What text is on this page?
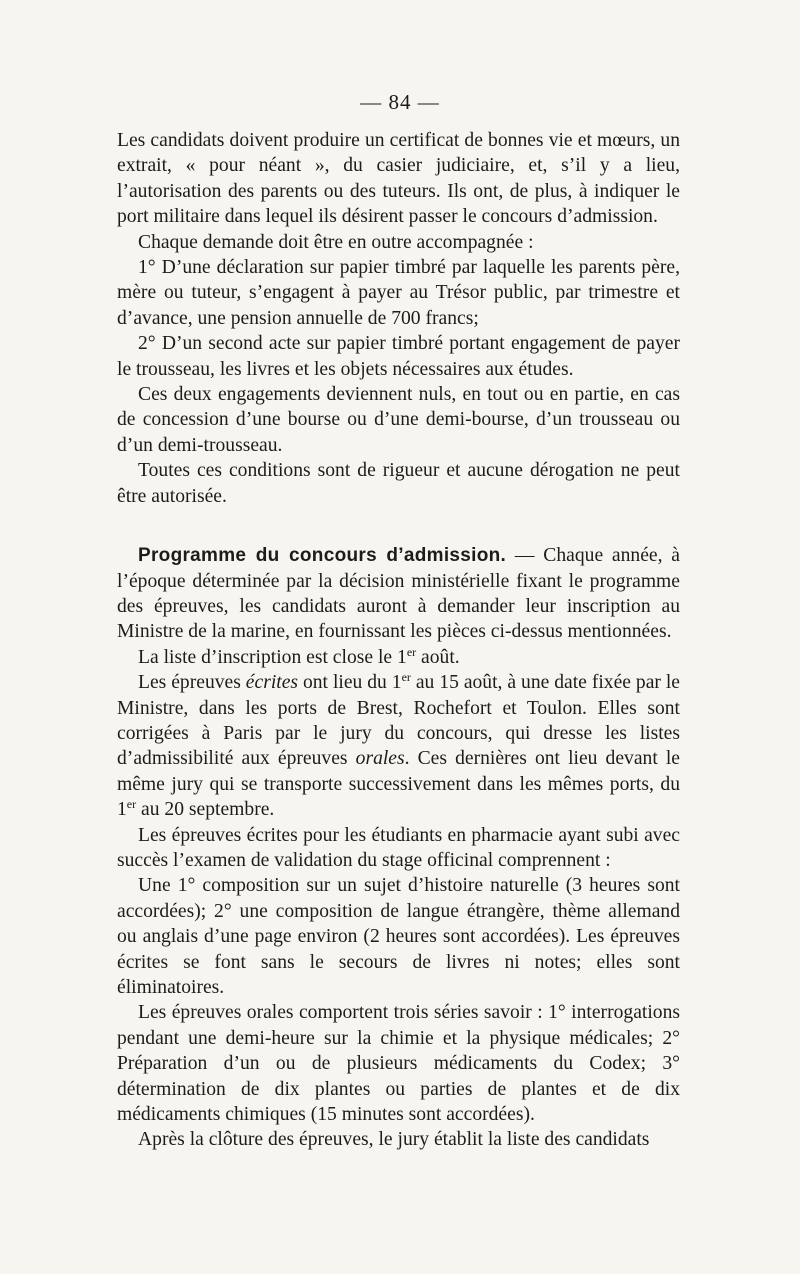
— 84 —

Les candidats doivent produire un certificat de bonnes vie et mœurs, un extrait, « pour néant », du casier judiciaire, et, s’il y a lieu, l’autorisation des parents ou des tuteurs. Ils ont, de plus, à indiquer le port militaire dans lequel ils désirent passer le concours d’admission.

Chaque demande doit être en outre accompagnée :

1° D’une déclaration sur papier timbré par laquelle les parents père, mère ou tuteur, s’engagent à payer au Trésor public, par trimestre et d’avance, une pension annuelle de 700 francs;

2° D’un second acte sur papier timbré portant engagement de payer le trousseau, les livres et les objets nécessaires aux études.

Ces deux engagements deviennent nuls, en tout ou en partie, en cas de concession d’une bourse ou d’une demi-bourse, d’un trousseau ou d’un demi-trousseau.

Toutes ces conditions sont de rigueur et aucune dérogation ne peut être autorisée.

Programme du concours d’admission. — Chaque année, à l’époque déterminée par la décision ministérielle fixant le programme des épreuves, les candidats auront à demander leur inscription au Ministre de la marine, en fournissant les pièces ci-dessus mentionnées.

La liste d’inscription est close le 1er août.

Les épreuves écrites ont lieu du 1er au 15 août, à une date fixée par le Ministre, dans les ports de Brest, Rochefort et Toulon. Elles sont corrigées à Paris par le jury du concours, qui dresse les listes d’admissibilité aux épreuves orales. Ces dernières ont lieu devant le même jury qui se transporte successivement dans les mêmes ports, du 1er au 20 septembre.

Les épreuves écrites pour les étudiants en pharmacie ayant subi avec succès l’examen de validation du stage officinal comprennent :

Une 1° composition sur un sujet d’histoire naturelle (3 heures sont accordées); 2° une composition de langue étrangère, thème allemand ou anglais d’une page environ (2 heures sont accordées). Les épreuves écrites se font sans le secours de livres ni notes; elles sont éliminatoires.

Les épreuves orales comportent trois séries savoir : 1° interrogations pendant une demi-heure sur la chimie et la physique médicales; 2° Préparation d’un ou de plusieurs médicaments du Codex; 3° détermination de dix plantes ou parties de plantes et de dix médicaments chimiques (15 minutes sont accordées).

Après la clôture des épreuves, le jury établit la liste des candidats
